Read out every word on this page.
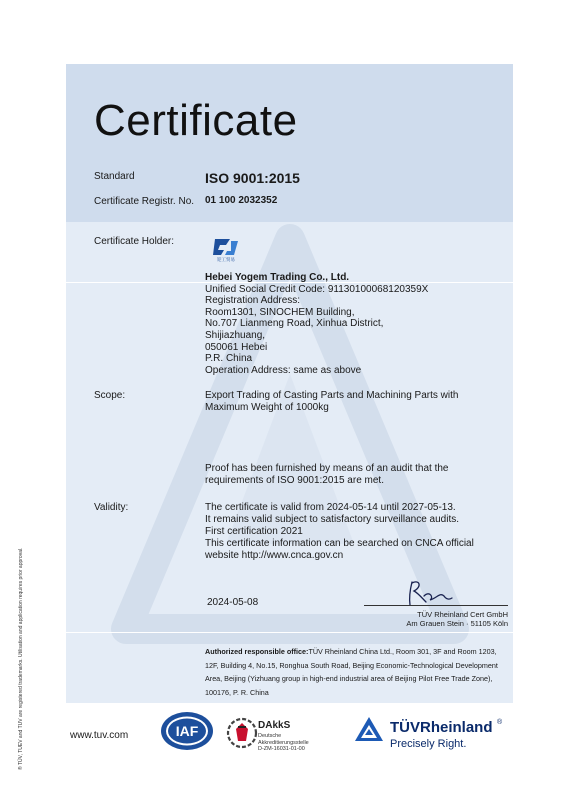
Certificate
Standard	ISO 9001:2015
Certificate Registr. No. 01 100 2032352
Certificate Holder:
迎工贸易
Hebei Yogem Trading Co., Ltd.
Unified Social Credit Code: 91130100068120359X
Registration Address:
Room1301, SINOCHEM Building,
No.707 Lianmeng Road, Xinhua District,
Shijiazhuang,
050061 Hebei
P.R. China
Operation Address: same as above
Scope:	Export Trading of Casting Parts and Machining Parts with
Maximum Weight of 1000kg
Proof has been furnished by means of an audit that the
requirements of ISO 9001:2015 are met.
Validity:	The certificate is valid from 2024-05-14 until 2027-05-13.
It remains valid subject to satisfactory surveillance audits.
First certification 2021
This certificate information can be searched on CNCA official
website http://www.cnca.gov.cn
2024-05-08
TÜV Rheinland Cert GmbH
Am Grauen Stein · 51105 Köln
Authorized responsible office:TÜV Rheinland China Ltd., Room 301, 3F and Room 1203, 12F, Building 4, No.15, Ronghua South Road, Beijing Economic-Technological Development Area, Beijing (Yizhuang group in high-end industrial area of Beijing Pilot Free Trade Zone), 100176, P. R. China
® TÜV, TUEV and TUV are registered trademarks. Utilisation and application requires prior approval.	www.tuv.com	IAF	DAkkS
Deutsche
Akkreditierungsstelle
D-ZM-16031-01-00
TÜVRheinland ®
Precisely Right.
